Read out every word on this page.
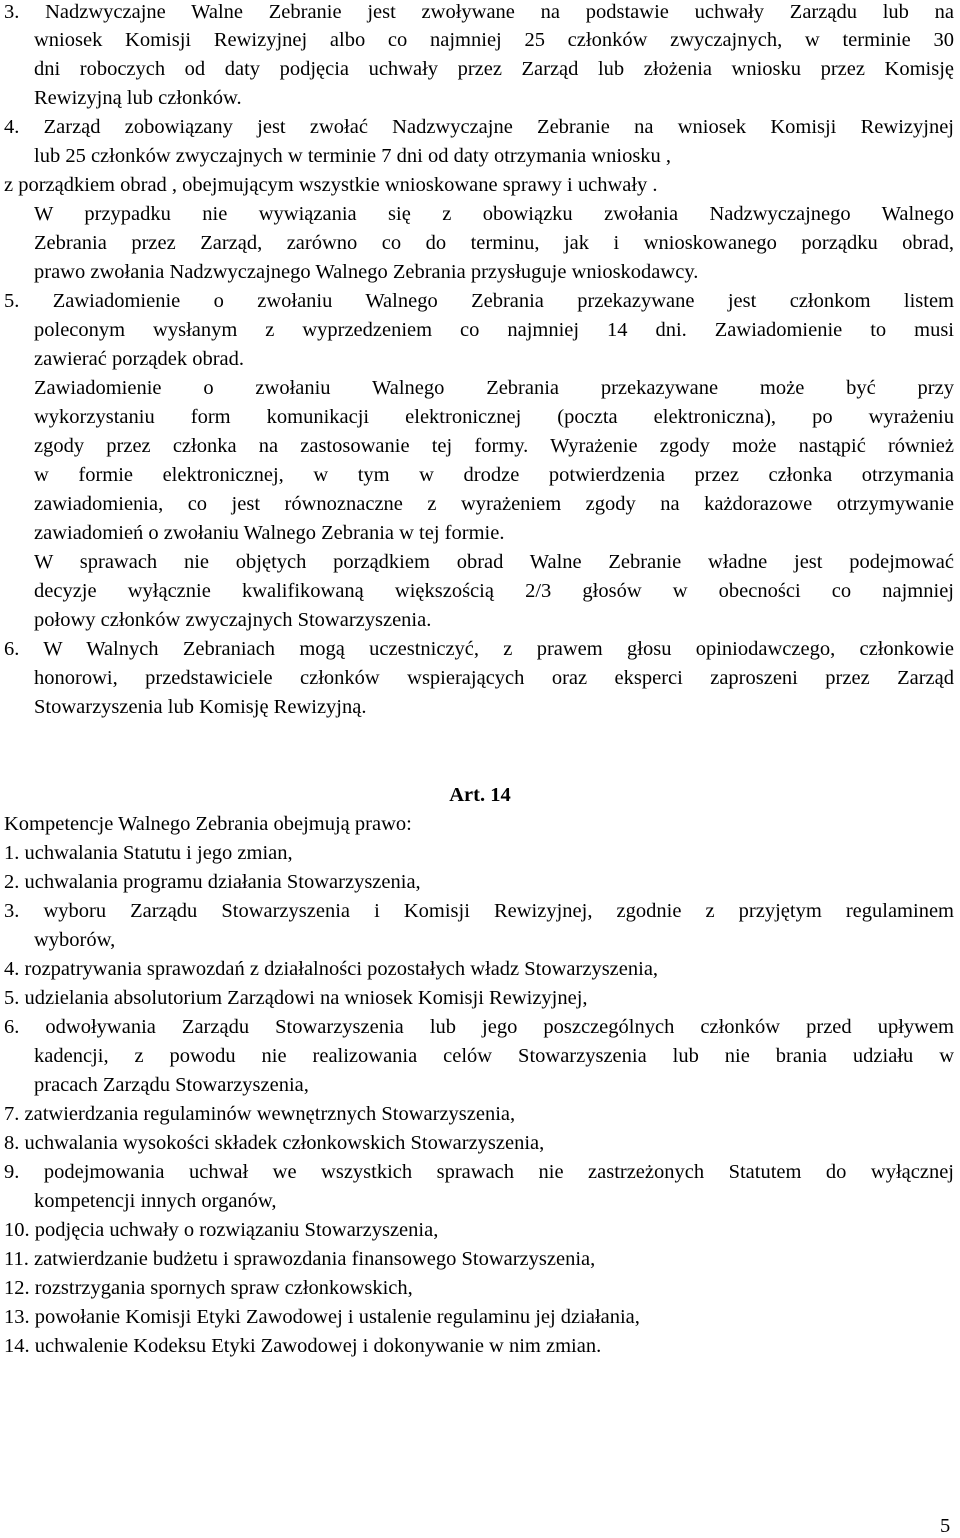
3. Nadzwyczajne Walne Zebranie jest zwoływane na podstawie uchwały Zarządu lub na
wniosek Komisji Rewizyjnej albo co najmniej 25 członków zwyczajnych, w terminie 30
dni roboczych od daty podjęcia uchwały przez Zarząd lub złożenia wniosku przez Komisję
Rewizyjną lub członków.
4. Zarząd zobowiązany jest zwołać Nadzwyczajne Zebranie na wniosek Komisji Rewizyjnej
lub 25 członków zwyczajnych w terminie 7 dni od daty otrzymania wniosku ,
z porządkiem obrad , obejmującym wszystkie wnioskowane sprawy i uchwały .
W przypadku nie wywiązania się z obowiązku zwołania Nadzwyczajnego Walnego
Zebrania przez Zarząd, zarówno co do terminu, jak i wnioskowanego porządku obrad,
prawo zwołania Nadzwyczajnego Walnego Zebrania przysługuje wnioskodawcy.
5. Zawiadomienie o zwołaniu Walnego Zebrania przekazywane jest członkom listem
poleconym wysłanym z wyprzedzeniem co najmniej 14 dni. Zawiadomienie to musi
zawierać porządek obrad.
Zawiadomienie o zwołaniu Walnego Zebrania przekazywane może być przy
wykorzystaniu form komunikacji elektronicznej (poczta elektroniczna), po wyrażeniu
zgody przez członka na zastosowanie tej formy. Wyrażenie zgody może nastąpić również
w formie elektronicznej, w tym w drodze potwierdzenia przez członka otrzymania
zawiadomienia, co jest równoznaczne z wyrażeniem zgody na każdorazowe otrzymywanie
zawiadomień o zwołaniu Walnego Zebrania w tej formie.
W sprawach nie objętych porządkiem obrad Walne Zebranie władne jest podejmować
decyzje wyłącznie kwalifikowaną większością 2/3 głosów w obecności co najmniej
połowy członków zwyczajnych Stowarzyszenia.
6. W Walnych Zebraniach mogą uczestniczyć, z prawem głosu opiniodawczego, członkowie
honorowi, przedstawiciele członków wspierających oraz eksperci zaproszeni przez Zarząd
Stowarzyszenia lub Komisję Rewizyjną.
Art. 14
Kompetencje Walnego Zebrania obejmują prawo:
1. uchwalania Statutu i jego zmian,
2. uchwalania programu działania Stowarzyszenia,
3. wyboru Zarządu Stowarzyszenia i Komisji Rewizyjnej, zgodnie z przyjętym regulaminem
wyborów,
4. rozpatrywania sprawozdań z działalności pozostałych władz Stowarzyszenia,
5. udzielania absolutorium Zarządowi na wniosek Komisji Rewizyjnej,
6. odwoływania Zarządu Stowarzyszenia lub jego poszczególnych członków przed upływem
kadencji, z powodu nie realizowania celów Stowarzyszenia lub nie brania udziału w
pracach Zarządu Stowarzyszenia,
7. zatwierdzania regulaminów wewnętrznych Stowarzyszenia,
8. uchwalania wysokości składek członkowskich Stowarzyszenia,
9. podejmowania uchwał we wszystkich sprawach nie zastrzeżonych Statutem do wyłącznej
kompetencji innych organów,
10. podjęcia uchwały o rozwiązaniu Stowarzyszenia,
11. zatwierdzanie budżetu i sprawozdania finansowego Stowarzyszenia,
12. rozstrzygania spornych spraw członkowskich,
13. powołanie Komisji Etyki Zawodowej i ustalenie regulaminu jej działania,
14. uchwalenie Kodeksu Etyki Zawodowej i dokonywanie w nim zmian.
5
